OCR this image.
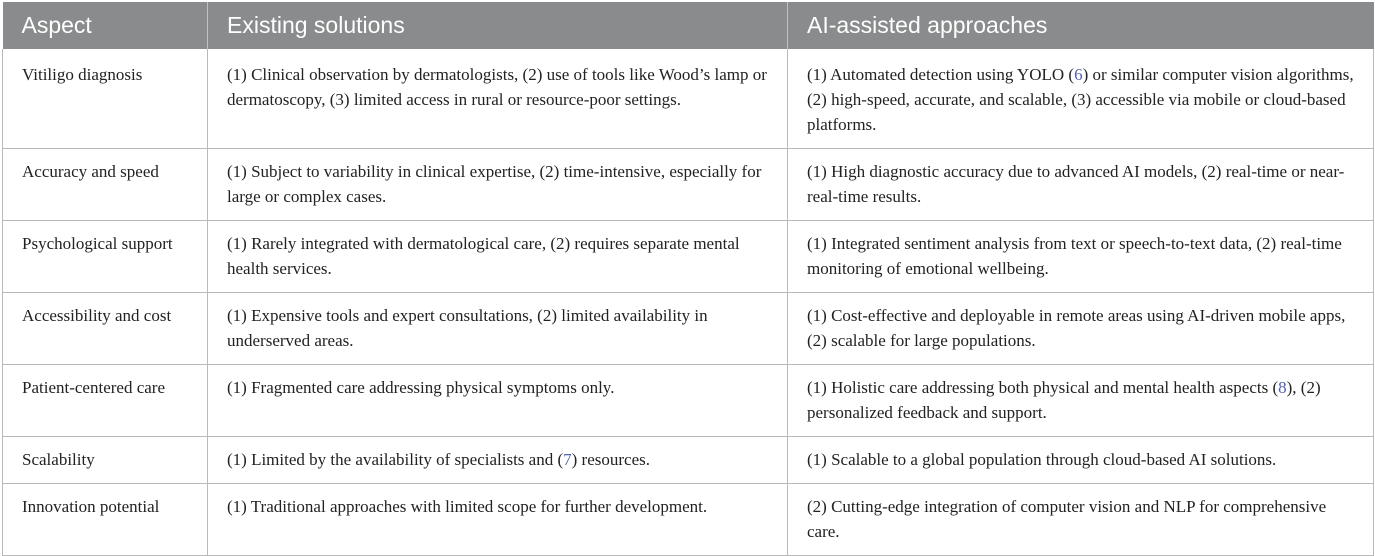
Aspect	Existing solutions	AI-assisted approaches
Vitiligo diagnosis	(1) Clinical observation by dermatologists, (2) use of tools like Wood’s lamp or dermatoscopy, (3) limited access in rural or resource-poor settings.	(1) Automated detection using YOLO (6) or similar computer vision algorithms, (2) high-speed, accurate, and scalable, (3) accessible via mobile or cloud-based platforms.
Accuracy and speed	(1) Subject to variability in clinical expertise, (2) time-intensive, especially for large or complex cases.	(1) High diagnostic accuracy due to advanced AI models, (2) real-time or near-real-time results.
Psychological support	(1) Rarely integrated with dermatological care, (2) requires separate mental health services.	(1) Integrated sentiment analysis from text or speech-to-text data, (2) real-time monitoring of emotional wellbeing.
Accessibility and cost	(1) Expensive tools and expert consultations, (2) limited availability in underserved areas.	(1) Cost-effective and deployable in remote areas using AI-driven mobile apps, (2) scalable for large populations.
Patient-centered care	(1) Fragmented care addressing physical symptoms only.	(1) Holistic care addressing both physical and mental health aspects (8), (2) personalized feedback and support.
Scalability	(1) Limited by the availability of specialists and (7) resources.	(1) Scalable to a global population through cloud-based AI solutions.
Innovation potential	(1) Traditional approaches with limited scope for further development.	(2) Cutting-edge integration of computer vision and NLP for comprehensive care.
